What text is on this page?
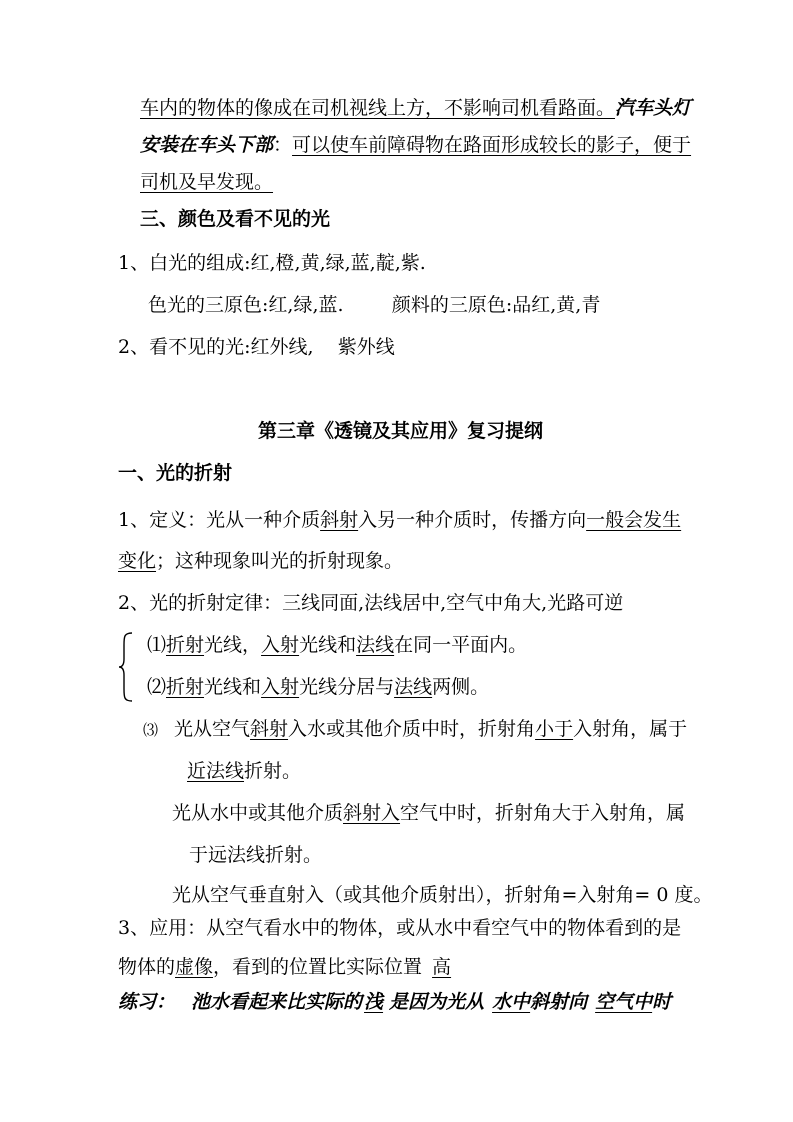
车内的物体的像成在司机视线上方，不影响司机看路面。汽车头灯
安装在车头下部：可以使车前障碍物在路面形成较长的影子，便于
司机及早发现。
三、颜色及看不见的光
1、白光的组成:红,橙,黄,绿,蓝,靛,紫.
色光的三原色:红,绿,蓝.        颜料的三原色:品红,黄,青
2、看不见的光:红外线,    紫外线
第三章《透镜及其应用》复习提纲
一、光的折射
1、定义：光从一种介质斜射入另一种介质时，传播方向一般会发生
变化；这种现象叫光的折射现象。
2、光的折射定律：三线同面,法线居中,空气中角大,光路可逆
⑴折射光线，入射光线和法线在同一平面内。
⑵折射光线和入射光线分居与法线两侧。
⑶ 光从空气斜射入水或其他介质中时，折射角小于入射角，属于
近法线折射。
光从水中或其他介质斜射入空气中时，折射角大于入射角，属
于远法线折射。
光从空气垂直射入（或其他介质射出），折射角=入射角= 0 度。
3、应用：从空气看水中的物体，或从水中看空气中的物体看到的是
物体的虚像，看到的位置比实际位置 高
练习： 池水看起来比实际的 浅 是因为光从 水中斜射向 空气中时
